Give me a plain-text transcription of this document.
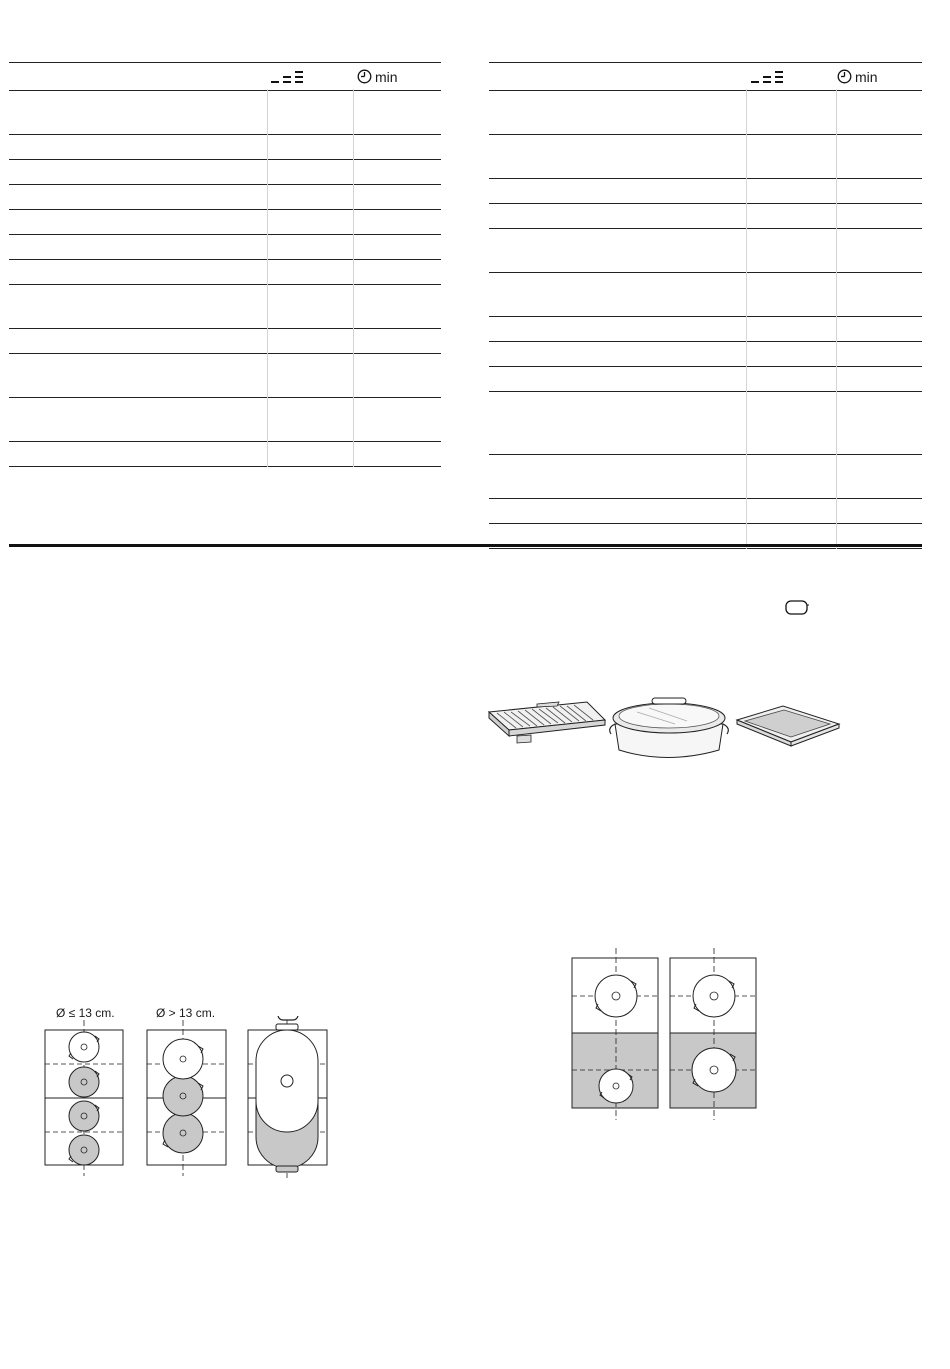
min	min
Ø ≤ 13 cm.	Ø > 13 cm.
